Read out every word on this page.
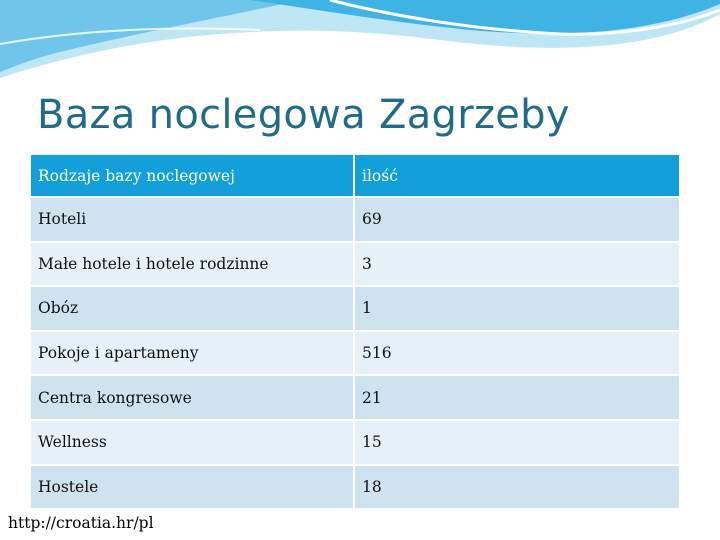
Baza noclegowa Zagrzeby
Rodzaje bazy noclegowej	ilość
Hoteli	69
Małe hotele i hotele rodzinne	3
Obóz	1
Pokoje i apartameny	516
Centra kongresowe	21
Wellness	15
Hostele	18
http://croatia.hr/pl
